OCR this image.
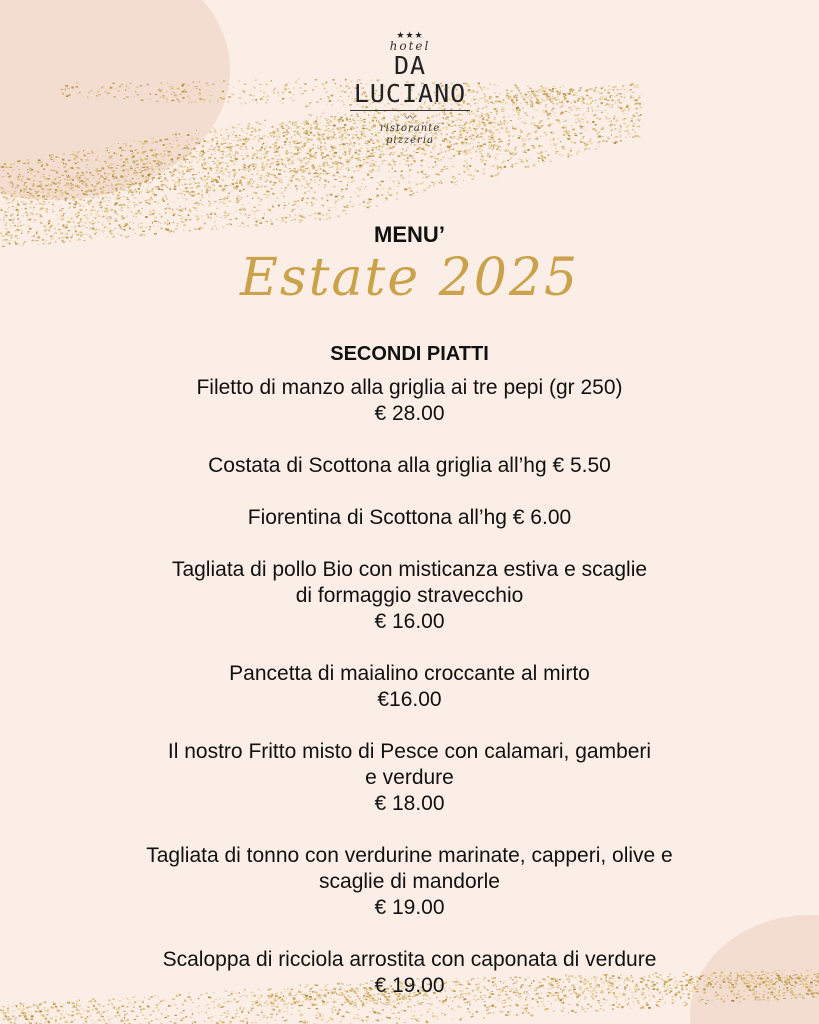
★★★
hotel
DA
LUCIANO
〰
ristorante
pizzeria
MENU’
Estate 2025
SECONDI PIATTI

Filetto di manzo alla griglia ai tre pepi (gr 250)

€ 28.00

Costata di Scottona alla griglia all’hg € 5.50

Fiorentina di Scottona all’hg € 6.00

Tagliata di pollo Bio con misticanza estiva e scaglie

di formaggio stravecchio

€ 16.00

Pancetta di maialino croccante al mirto

€16.00

Il nostro Fritto misto di Pesce con calamari, gamberi

e verdure

€ 18.00

Tagliata di tonno con verdurine marinate, capperi, olive e

scaglie di mandorle

€ 19.00

Scaloppa di ricciola arrostita con caponata di verdure

€ 19.00
